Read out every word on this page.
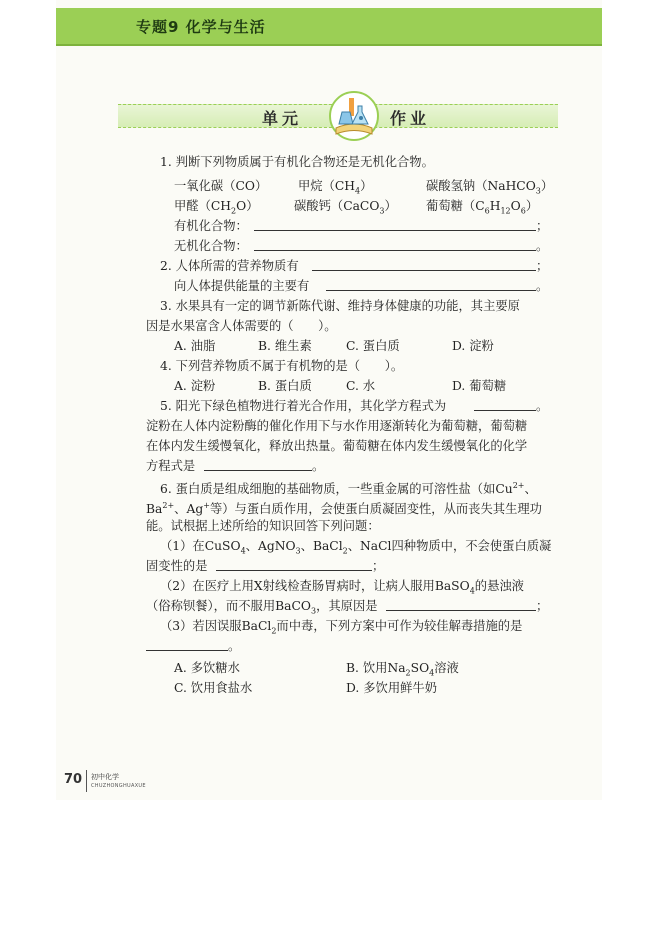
专题9 化学与生活
单元	作业
1. 判断下列物质属于有机化合物还是无机化合物。
一氧化碳（CO） 甲烷$(CH_4)$	碳酸氢钠（NaHCO$_3$）
甲醛$(CH_2O)$	碳酸钙（CaCO$_3$） 葡萄糖$(C_6H_{12}O_6)$
有机化合物：	；
无机化合物：	。
2. 人体所需的营养物质有	；
向人体提供能量的主要有	。
3. 水果具有一定的调节新陈代谢、维持身体健康的功能，其主要原
因是水果富含人体需要的（　　）。
A. 油脂	B. 维生素	C. 蛋白质	D. 淀粉
4. 下列营养物质不属于有机物的是（　　）。
A. 淀粉	B. 蛋白质	C. 水	D. 葡萄糖
5. 阳光下绿色植物进行着光合作用，其化学方程式为	。
淀粉在人体内淀粉酶的催化作用下与水作用逐渐转化为葡萄糖，葡萄糖
在体内发生缓慢氧化，释放出热量。葡萄糖在体内发生缓慢氧化的化学
方程式是	。
6. 蛋白质是组成细胞的基础物质，一些重金属的可溶性盐（如$Cu^{2+}$、
$Ba^{2+}$、Ag+等）与蛋白质作用，会使蛋白质凝固变性，从而丧失其生理功
能。试根据上述所给的知识回答下列问题：
（1）在CuSO$_4$、AgNO$_3$、BaCl$_2$、NaCl四种物质中，不会使蛋白质凝
固变性的是	；
（2）在医疗上用X射线检查肠胃病时，让病人服用BaSO$_4$的悬浊液
（俗称钡餐），而不服用BaCO$_3$，其原因是	；
（3）若因误服BaCl$_2$而中毒，下列方案中可作为较佳解毒措施的是
。
A. 多饮糖水	B. 饮用$Na_2SO_4$溶液
C. 饮用食盐水	D. 多饮用鲜牛奶
70 初中化学
CHUZHONGHUAXUE
